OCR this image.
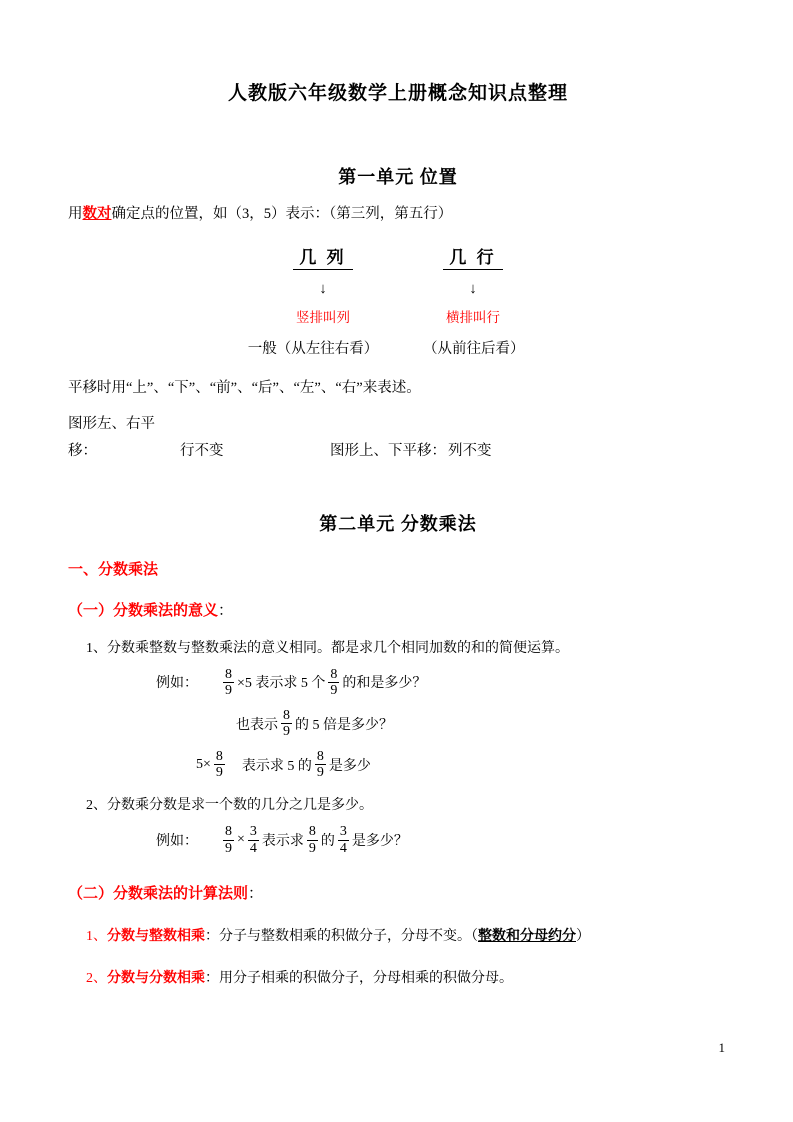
人教版六年级数学上册概念知识点整理
第一单元 位置
用数对确定点的位置，如（3，5）表示：（第三列，第五行）
几 列	几 行
↓	↓
竖排叫列	横排叫行
一般（从左往右看）	（从前往后看）
平移时用“上”、“下”、“前”、“后”、“左”、“右”来表述。
图形左、右平移：	行不变	图形上、下平移： 列不变
第二单元 分数乘法
一、分数乘法
（一）分数乘法的意义：
1、分数乘整数与整数乘法的意义相同。都是求几个相同加数的和的简便运算。
例如： $\frac{8}{9} \times 5$ 表示求 5 个 $\frac{8}{9}$ 的和是多少？
也表示 $\frac{8}{9}$ 的 5 倍是多少？
$5\times \frac{8}{9}$ 表示求 5 的 $\frac{8}{9}$ 是多少
2、分数乘分数是求一个数的几分之几是多少。
例如： $\frac{8}{9} \times \frac{3}{4}$ 表示求 $\frac{8}{9}$ 的 $\frac{3}{4}$ 是多少？
（二）分数乘法的计算法则：
1、分数与整数相乘：分子与整数相乘的积做分子，分母不变。（整数和分母约分）
2、分数与分数相乘：用分子相乘的积做分子，分母相乘的积做分母。
1
